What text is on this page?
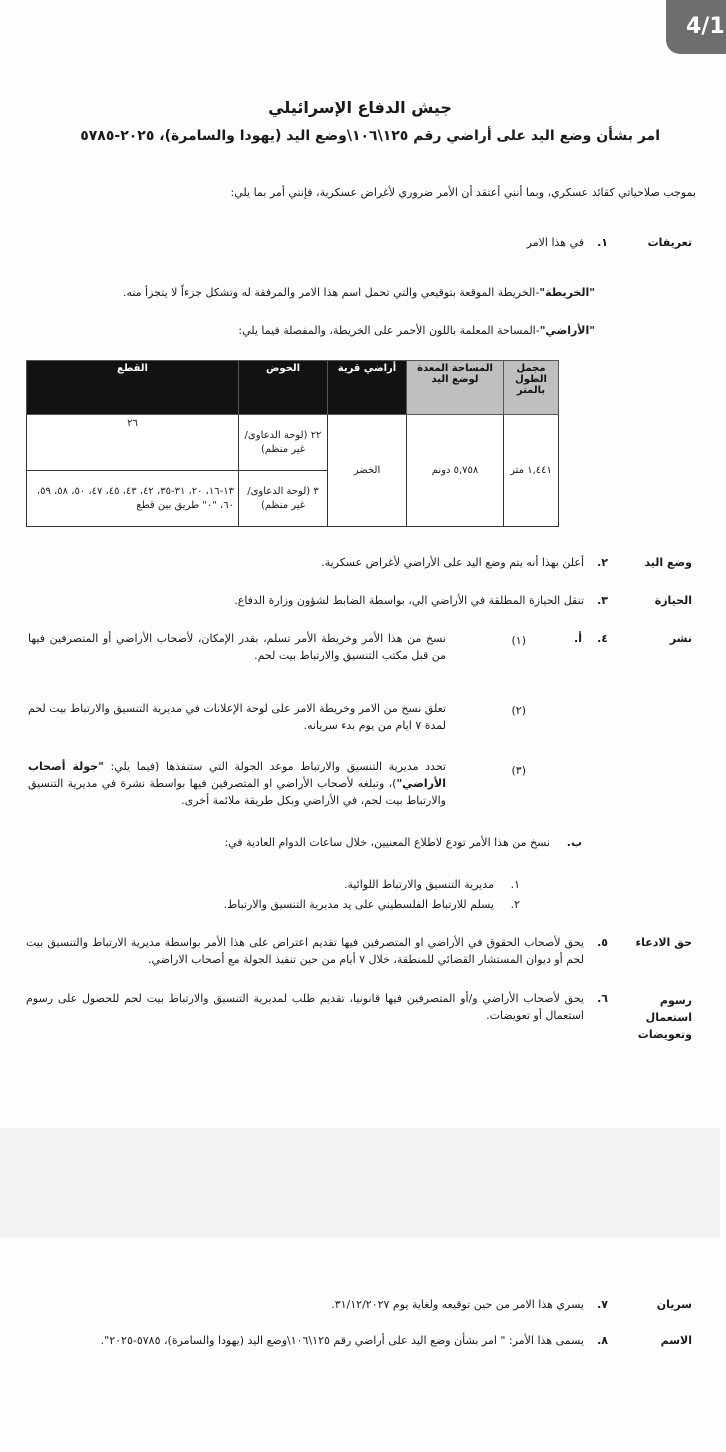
4/1
جيش الدفاع الإسرائيلي
امر بشأن وضع اليد على أراضي رقم ١٢٥\١٠٦\وضع اليد (يهودا والسامرة)، ٢٠٢٥-٥٧٨٥
بموجب صلاحياتي كقائد عسكري، وبما أنني أعتقد أن الأمر ضروري لأغراض عسكرية، فإنني أمر بما يلي:
تعريفات
١.
في هذا الامر
"الخريطة"-الخريطة الموقعة بتوقيعي والتي تحمل اسم هذا الامر والمرفقة له وتشكل جزءاً لا يتجزأ منه.
"الأراضي"-المساحة المعلمة باللون الأحمر على الخريطة، والمفصلة فيما يلي:
مجمل الطول بالمتر	المساحة المعدة لوضع اليد	أراضي قرية	الحوض	القطع
١,٤٤١ متر	٥,٧٥٨ دونم	الخضر	٢٢ (لوحة الدعاوى/غير منظم)	٢٦
			٣ (لوحة الدعاوى/غير منظم)	١٣-١٦، ٢٠، ٣١-٣٥، ٤٢، ٤٣، ٤٥، ٤٧، ٥٠، ٥٨، ٥٩، ٦٠، "٠" طريق بين قطع
وضع اليد
٢.
أعلن بهذا أنه يتم وضع اليد على الأراضي لأغراض عسكرية.
الحيازة
٣.
تنقل الحيازة المطلقة في الأراضي الي، بواسطة الضابط لشؤون وزارة الدفاع.
نشر
٤.
أ.
(١)
نسخ من هذا الأمر وخريطة الأمر تسلم، بقدر الإمكان، لأصحاب الأراضي أو المتصرفين فيها من قبل مكتب التنسيق والارتباط بيت لحم.
(٢)
تعلق نسخ من الامر وخريطة الامر على لوحة الإعلانات في مديرية التنسيق والارتباط بيت لحم لمدة ٧ ايام من يوم بدء سريانه.
(٣)
تحدد مديرية التنسيق والارتباط موعد الجولة التي ستنفذها (فيما يلي: "جولة أصحاب الأراضي")، وتبلغه لأصحاب الأراضي او المتصرفين فيها بواسطة نشرة في مديرية التنسيق والارتباط بيت لحم، في الأراضي وبكل طريقة ملائمة أخرى.
ب.
نسخ من هذا الأمر تودع لاطلاع المعنيين، خلال ساعات الدوام العادية في:
١.
مديرية التنسيق والارتباط اللوائية.
٢.
يسلم للارتباط الفلسطيني على يد مديرية التنسيق والارتباط.
حق الادعاء
٥.
يحق لأصحاب الحقوق في الأراضي او المتصرفين فيها تقديم اعتراض على هذا الأمر بواسطة مديرية الارتباط والتنسيق بيت لحم أو ديوان المستشار القضائي للمنطقة، خلال ٧ أيام من حين تنفيذ الجولة مع أصحاب الاراضي.
رسوم استعمال وتعويضات
٦.
يحق لأصحاب الأراضي و/أو المتصرفين فيها قانونيا، تقديم طلب لمديرية التنسيق والارتباط بيت لحم للحصول على رسوم استعمال أو تعويضات.
سريان
٧.
يسري هذا الامر من حين توقيعه ولغاية يوم ٣١/١٢/٢٠٢٧.
الاسم
٨.
يسمى هذا الأمر: " امر بشأن وضع اليد على أراضي رقم ١٢٥\١٠٦\وضع اليد (يهودا والسامرة)، ٥٧٨٥-٢٠٢٥".
